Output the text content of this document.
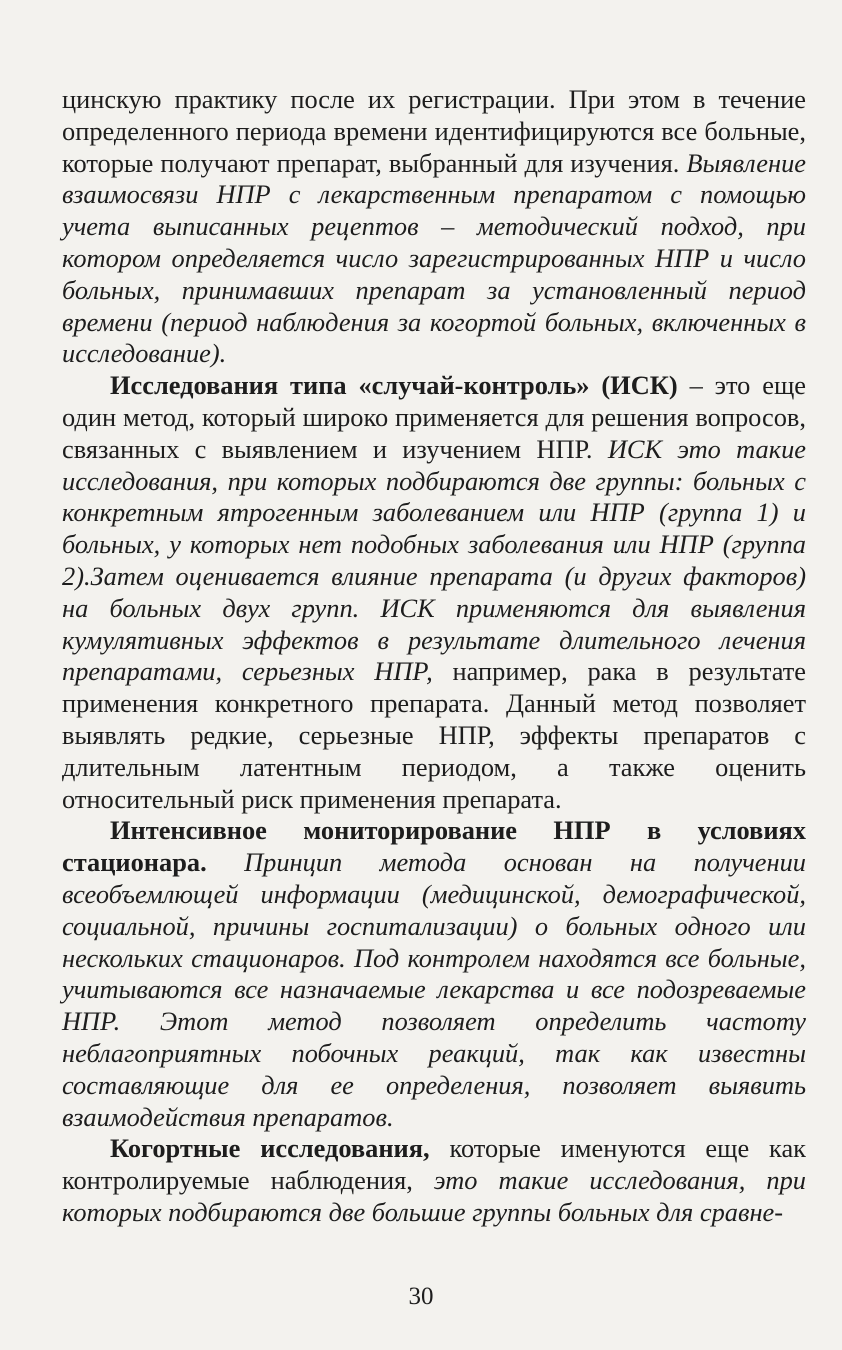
цинскую практику после их регистрации. При этом в течение определенного периода времени идентифицируются все больные, которые получают препарат, выбранный для изучения. Выявление взаимосвязи НПР с лекарственным препаратом с помощью учета выписанных рецептов – методический подход, при котором определяется число зарегистрированных НПР и число больных, принимавших препарат за установленный период времени (период наблюдения за когортой больных, включенных в исследование).

Исследования типа «случай-контроль» (ИСК) – это еще один метод, который широко применяется для решения вопросов, связанных с выявлением и изучением НПР. ИСК это такие исследования, при которых подбираются две группы: больных с конкретным ятрогенным заболеванием или НПР (группа 1) и больных, у которых нет подобных заболевания или НПР (группа 2).Затем оценивается влияние препарата (и других факторов) на больных двух групп. ИСК применяются для выявления кумулятивных эффектов в результате длительного лечения препаратами, серьезных НПР, например, рака в результате применения конкретного препарата. Данный метод позволяет выявлять редкие, серьезные НПР, эффекты препаратов с длительным латентным периодом, а также оценить относительный риск применения препарата.

Интенсивное мониторирование НПР в условиях стационара. Принцип метода основан на получении всеобъемлющей информации (медицинской, демографической, социальной, причины госпитализации) о больных одного или нескольких стационаров. Под контролем находятся все больные, учитываются все назначаемые лекарства и все подозреваемые НПР. Этот метод позволяет определить частоту неблагоприятных побочных реакций, так как известны составляющие для ее определения, позволяет выявить взаимодействия препаратов.

Когортные исследования, которые именуются еще как контролируемые наблюдения, это такие исследования, при которых подбираются две большие группы больных для сравне-

30
